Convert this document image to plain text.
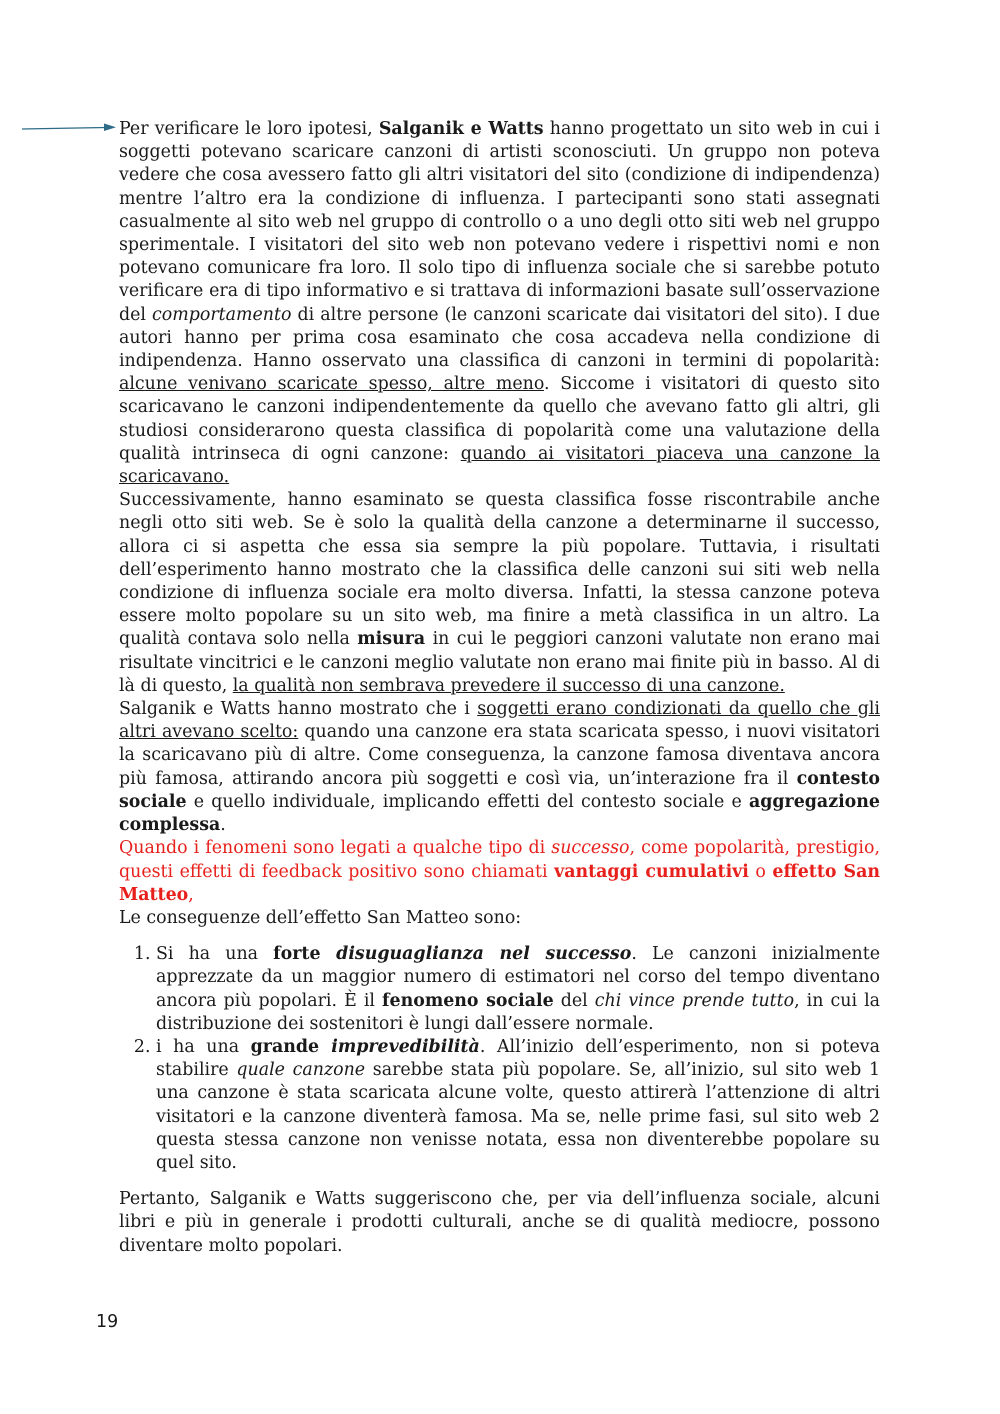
Per verificare le loro ipotesi, Salganik e Watts hanno progettato un sito web in cui i soggetti potevano scaricare canzoni di artisti sconosciuti. Un gruppo non poteva vedere che cosa avessero fatto gli altri visitatori del sito (condizione di indipendenza) mentre l’altro era la condizione di influenza. I partecipanti sono stati assegnati casualmente al sito web nel gruppo di controllo o a uno degli otto siti web nel gruppo sperimentale. I visitatori del sito web non potevano vedere i rispettivi nomi e non potevano comunicare fra loro. Il solo tipo di influenza sociale che si sarebbe potuto verificare era di tipo informativo e si trattava di informazioni basate sull’osservazione del comportamento di altre persone (le canzoni scaricate dai visitatori del sito). I due autori hanno per prima cosa esaminato che cosa accadeva nella condizione di indipendenza. Hanno osservato una classifica di canzoni in termini di popolarità: alcune venivano scaricate spesso, altre meno. Siccome i visitatori di questo sito scaricavano le canzoni indipendentemente da quello che avevano fatto gli altri, gli studiosi considerarono questa classifica di popolarità come una valutazione della qualità intrinseca di ogni canzone: quando ai visitatori piaceva una canzone la scaricavano.

Successivamente, hanno esaminato se questa classifica fosse riscontrabile anche negli otto siti web. Se è solo la qualità della canzone a determinarne il successo, allora ci si aspetta che essa sia sempre la più popolare. Tuttavia, i risultati dell’esperimento hanno mostrato che la classifica delle canzoni sui siti web nella condizione di influenza sociale era molto diversa. Infatti, la stessa canzone poteva essere molto popolare su un sito web, ma finire a metà classifica in un altro. La qualità contava solo nella misura in cui le peggiori canzoni valutate non erano mai risultate vincitrici e le canzoni meglio valutate non erano mai finite più in basso. Al di là di questo, la qualità non sembrava prevedere il successo di una canzone.

Salganik e Watts hanno mostrato che i soggetti erano condizionati da quello che gli altri avevano scelto: quando una canzone era stata scaricata spesso, i nuovi visitatori la scaricavano più di altre. Come conseguenza, la canzone famosa diventava ancora più famosa, attirando ancora più soggetti e così via, un’interazione fra il contesto sociale e quello individuale, implicando effetti del contesto sociale e aggregazione complessa.

Quando i fenomeni sono legati a qualche tipo di successo, come popolarità, prestigio, questi effetti di feedback positivo sono chiamati vantaggi cumulativi o effetto San Matteo,

Le conseguenze dell’effetto San Matteo sono:

1. Si ha una forte disuguaglianza nel successo. Le canzoni inizialmente apprezzate da un maggior numero di estimatori nel corso del tempo diventano ancora più popolari. È il fenomeno sociale del chi vince prende tutto, in cui la distribuzione dei sostenitori è lungi dall’essere normale.
2. i ha una grande imprevedibilità. All’inizio dell’esperimento, non si poteva stabilire quale canzone sarebbe stata più popolare. Se, all’inizio, sul sito web 1 una canzone è stata scaricata alcune volte, questo attirerà l’attenzione di altri visitatori e la canzone diventerà famosa. Ma se, nelle prime fasi, sul sito web 2 questa stessa canzone non venisse notata, essa non diventerebbe popolare su quel sito.

Pertanto, Salganik e Watts suggeriscono che, per via dell’influenza sociale, alcuni libri e più in generale i prodotti culturali, anche se di qualità mediocre, possono diventare molto popolari.

19
